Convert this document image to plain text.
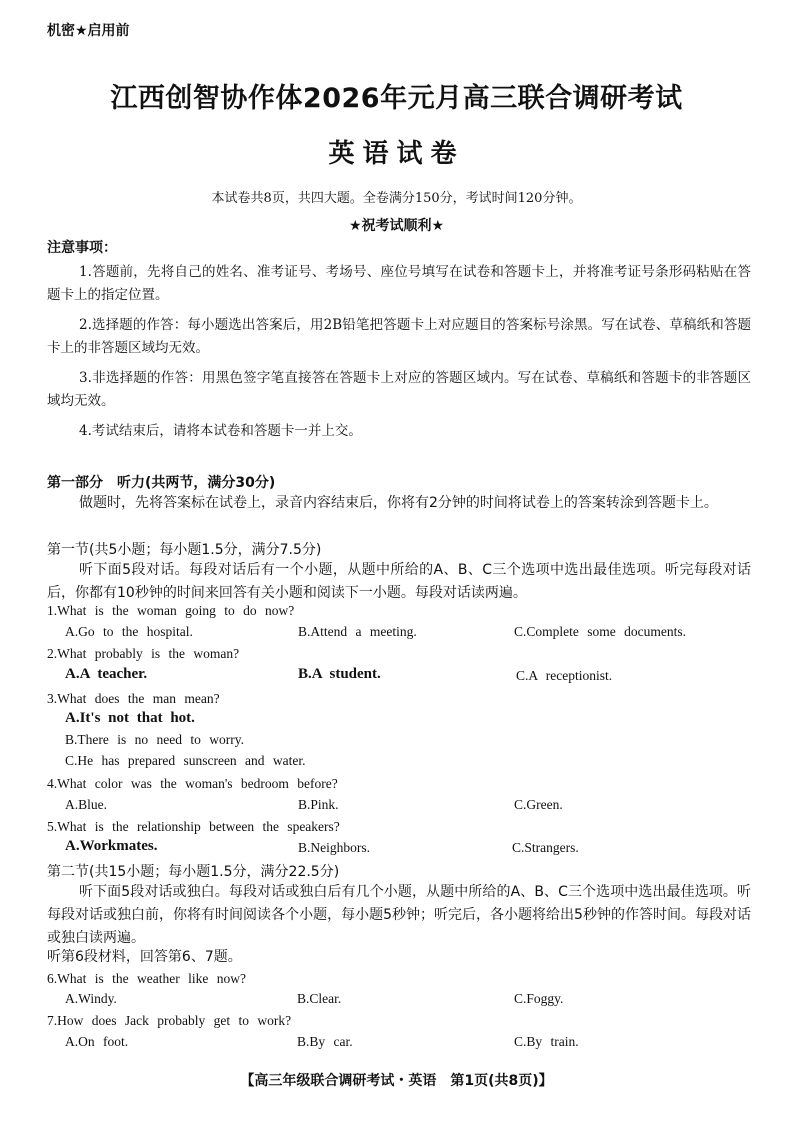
机密★启用前
江西创智协作体2026年元月高三联合调研考试
英语试卷
本试卷共8页，共四大题。全卷满分150分，考试时间120分钟。
★祝考试顺利★
注意事项：
1.答题前，先将自己的姓名、准考证号、考场号、座位号填写在试卷和答题卡上，并将准考证号条形码粘贴在答题卡上的指定位置。
2.选择题的作答：每小题选出答案后，用2B铅笔把答题卡上对应题目的答案标号涂黑。写在试卷、草稿纸和答题卡上的非答题区域均无效。
3.非选择题的作答：用黑色签字笔直接答在答题卡上对应的答题区域内。写在试卷、草稿纸和答题卡的非答题区域均无效。
4.考试结束后，请将本试卷和答题卡一并上交。
第一部分　听力(共两节，满分30分)
做题时，先将答案标在试卷上，录音内容结束后，你将有2分钟的时间将试卷上的答案转涂到答题卡上。
第一节(共5小题；每小题1.5分，满分7.5分)
听下面5段对话。每段对话后有一个小题，从题中所给的A、B、C三个选项中选出最佳选项。听完每段对话后，你都有10秒钟的时间来回答有关小题和阅读下一小题。每段对话读两遍。
1.What is the woman going to do now?
A.Go to the hospital.	B.Attend a meeting.	C.Complete some documents.
2.What probably is the woman?
A.A teacher.	B.A student.	C.A receptionist.
3.What does the man mean?
A.It's not that hot.
B.There is no need to worry.
C.He has prepared sunscreen and water.
4.What color was the woman's bedroom before?
A.Blue.	B.Pink.	C.Green.
5.What is the relationship between the speakers?
A.Workmates.	B.Neighbors.	C.Strangers.
第二节(共15小题；每小题1.5分，满分22.5分)
听下面5段对话或独白。每段对话或独白后有几个小题，从题中所给的A、B、C三个选项中选出最佳选项。听每段对话或独白前，你将有时间阅读各个小题，每小题5秒钟；听完后，各小题将给出5秒钟的作答时间。每段对话或独白读两遍。
听第6段材料，回答第6、7题。
6.What is the weather like now?
A.Windy.	B.Clear.	C.Foggy.
7.How does Jack probably get to work?
A.On foot.	B.By car.	C.By train.
【高三年级联合调研考试・英语　第1页(共8页)】
